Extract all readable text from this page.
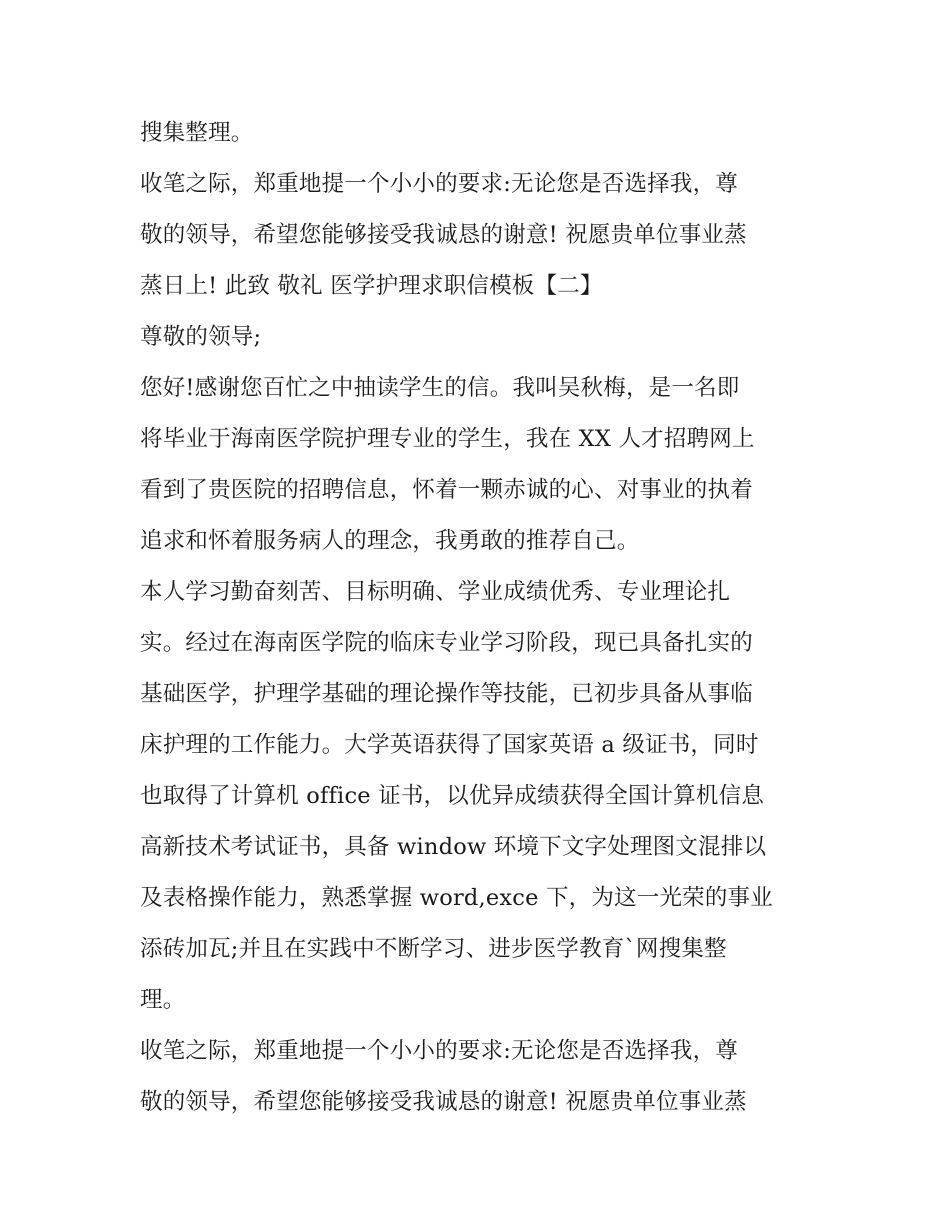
搜集整理。
收笔之际，郑重地提一个小小的要求:无论您是否选择我，尊
敬的领导，希望您能够接受我诚恳的谢意! 祝愿贵单位事业蒸
蒸日上! 此致 敬礼 医学护理求职信模板【二】
尊敬的领导;
您好!感谢您百忙之中抽读学生的信。我叫吴秋梅，是一名即
将毕业于海南医学院护理专业的学生，我在 XX 人才招聘网上
看到了贵医院的招聘信息，怀着一颗赤诚的心、对事业的执着
追求和怀着服务病人的理念，我勇敢的推荐自己。
本人学习勤奋刻苦、目标明确、学业成绩优秀、专业理论扎
实。经过在海南医学院的临床专业学习阶段，现已具备扎实的
基础医学，护理学基础的理论操作等技能，已初步具备从事临
床护理的工作能力。大学英语获得了国家英语 a 级证书，同时
也取得了计算机 office 证书，以优异成绩获得全国计算机信息
高新技术考试证书，具备 window 环境下文字处理图文混排以
及表格操作能力，熟悉掌握 word,exce 下，为这一光荣的事业
添砖加瓦;并且在实践中不断学习、进步医学教育`网搜集整
理。
收笔之际，郑重地提一个小小的要求:无论您是否选择我，尊
敬的领导，希望您能够接受我诚恳的谢意! 祝愿贵单位事业蒸
